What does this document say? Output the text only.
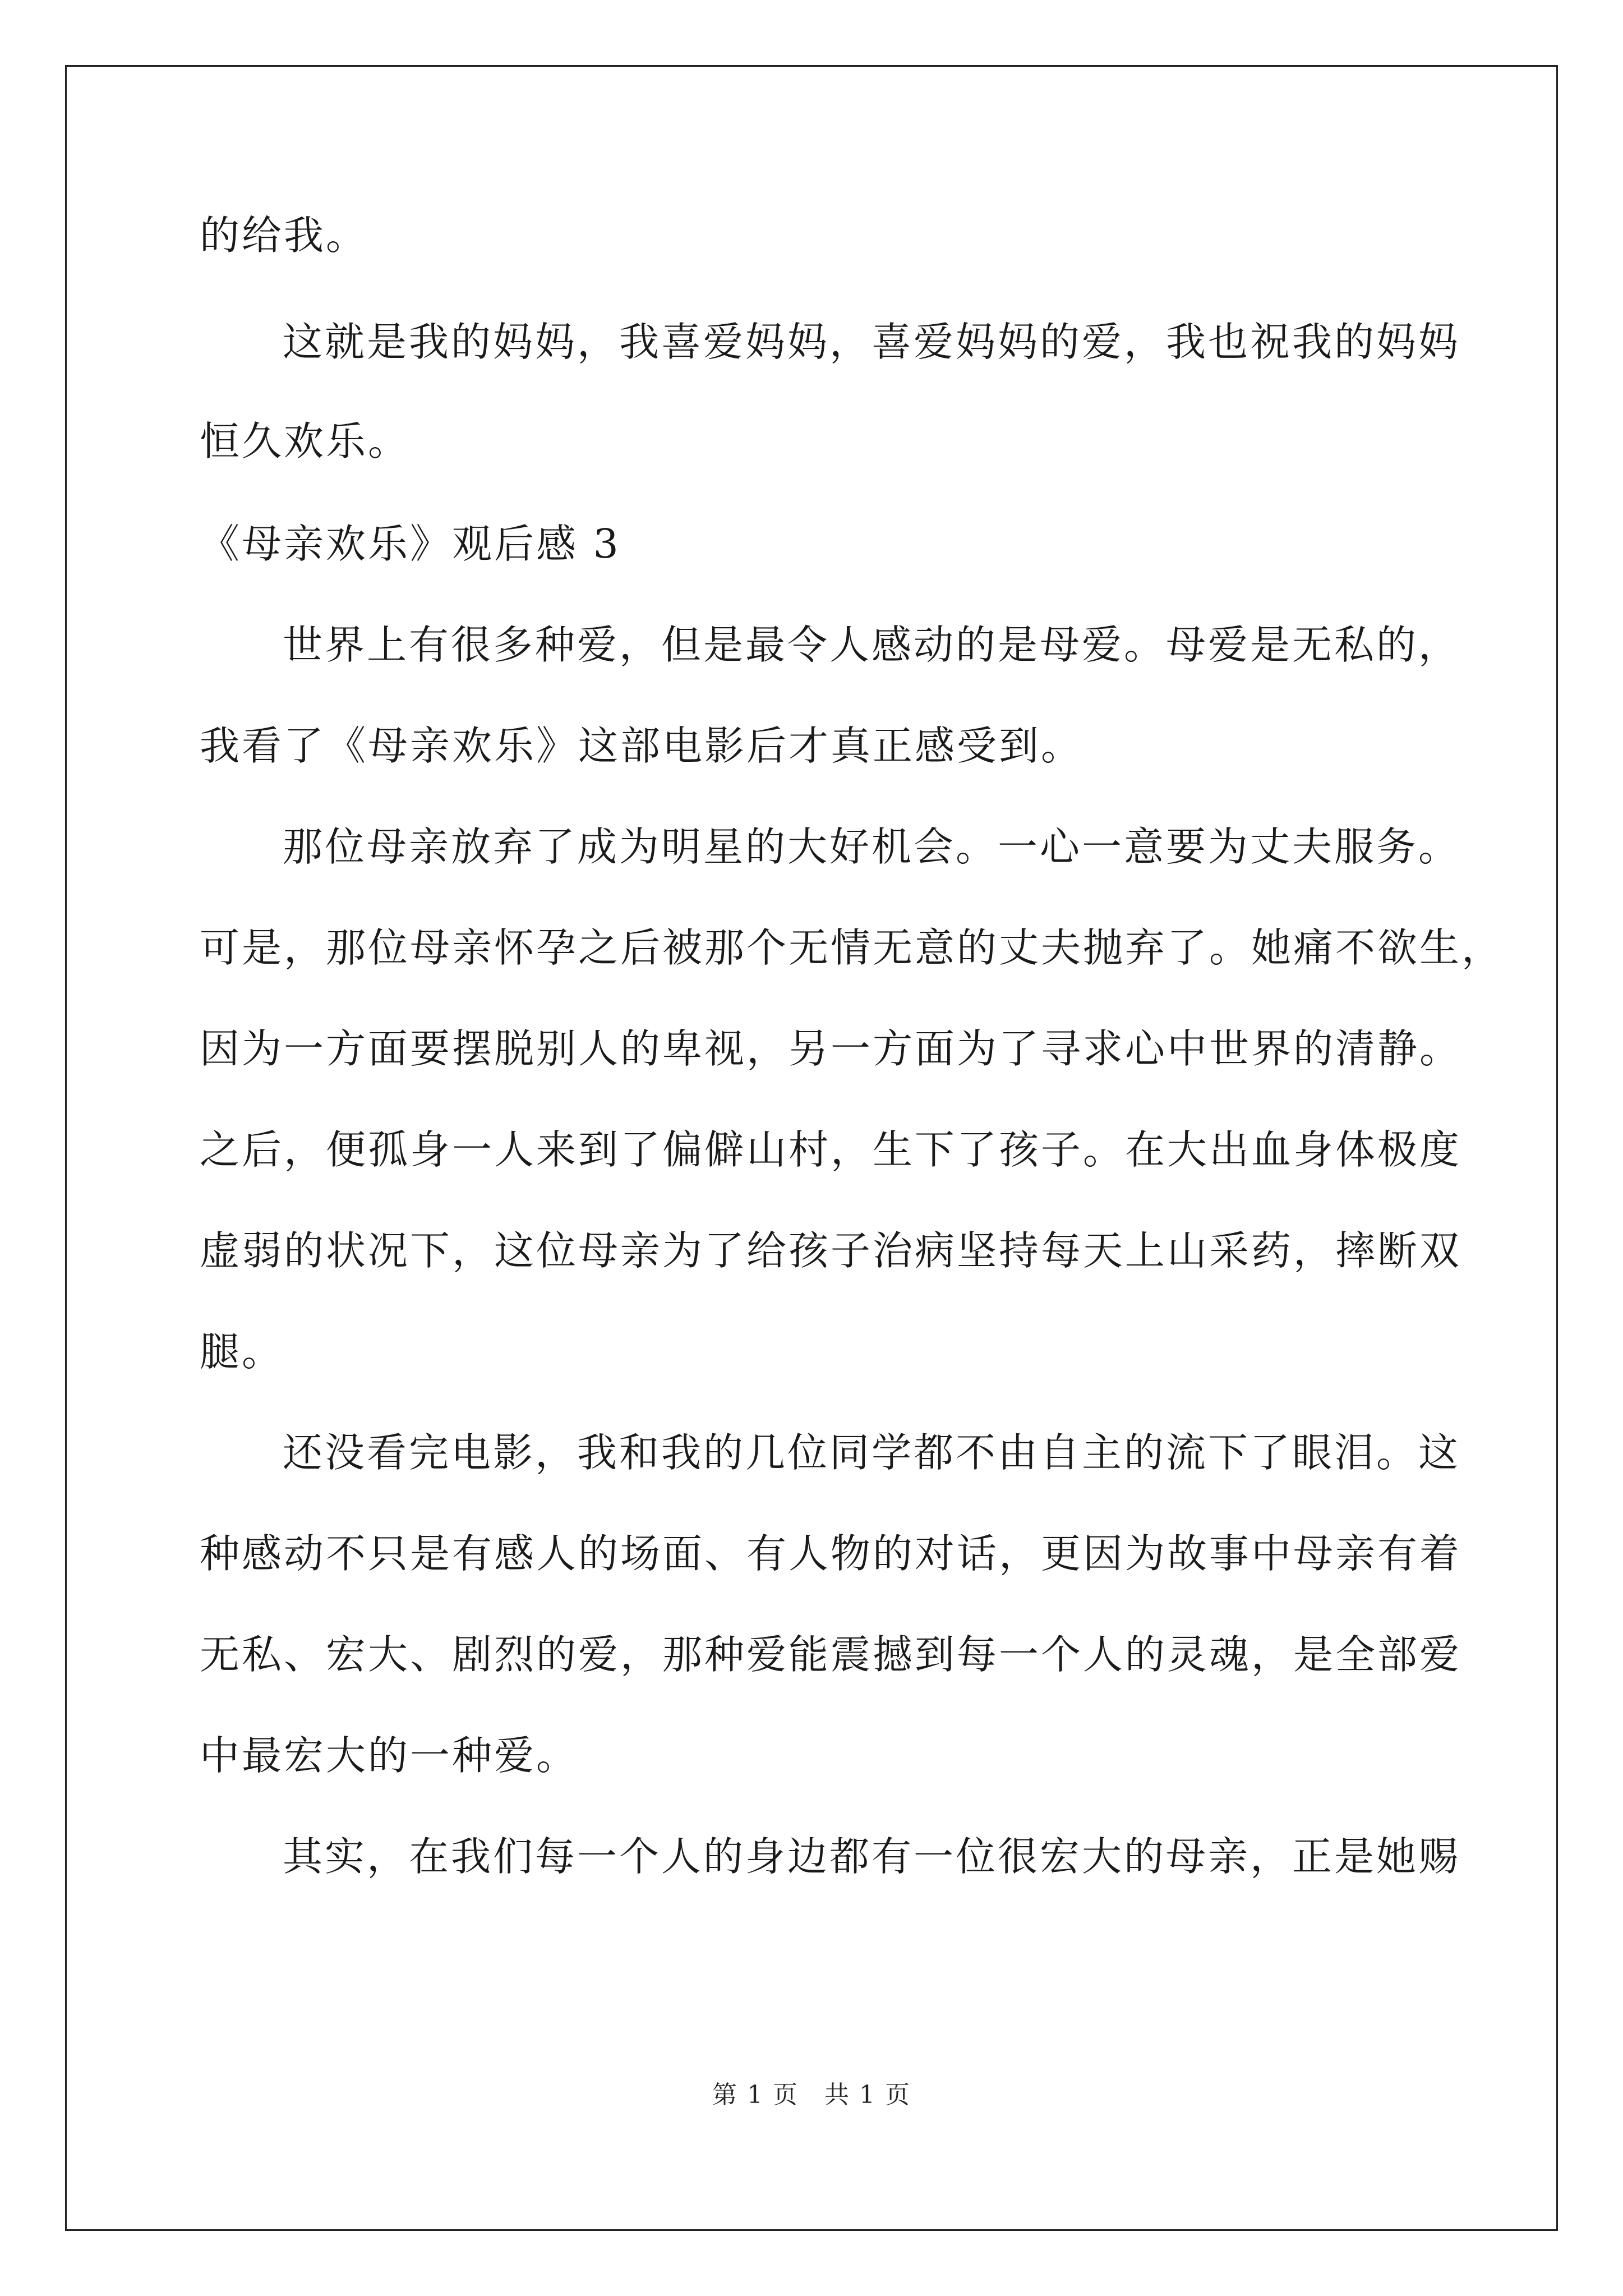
的给我。
这就是我的妈妈，我喜爱妈妈，喜爱妈妈的爱，我也祝我的妈妈
恒久欢乐。
《母亲欢乐》观后感 3
世界上有很多种爱，但是最令人感动的是母爱。母爱是无私的，
我看了《母亲欢乐》这部电影后才真正感受到。
那位母亲放弃了成为明星的大好机会。一心一意要为丈夫服务。
可是，那位母亲怀孕之后被那个无情无意的丈夫抛弃了。她痛不欲生，
因为一方面要摆脱别人的卑视，另一方面为了寻求心中世界的清静。
之后，便孤身一人来到了偏僻山村，生下了孩子。在大出血身体极度
虚弱的状况下，这位母亲为了给孩子治病坚持每天上山采药，摔断双
腿。
还没看完电影，我和我的几位同学都不由自主的流下了眼泪。这
种感动不只是有感人的场面、有人物的对话，更因为故事中母亲有着
无私、宏大、剧烈的爱，那种爱能震撼到每一个人的灵魂，是全部爱
中最宏大的一种爱。
其实，在我们每一个人的身边都有一位很宏大的母亲，正是她赐
第 1 页　共 1 页
